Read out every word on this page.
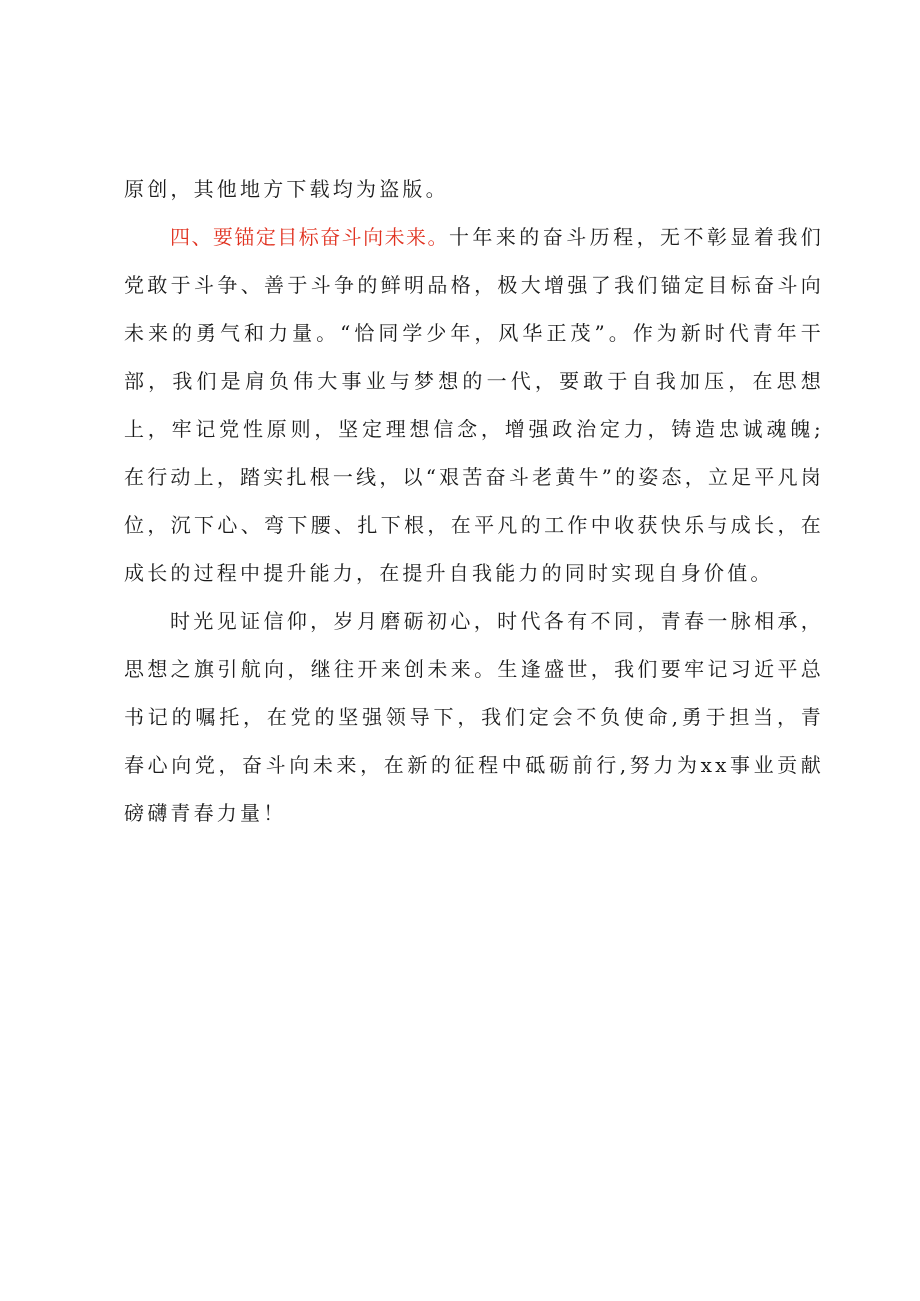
原创，其他地方下载均为盗版。

四、要锚定目标奋斗向未来。十年来的奋斗历程，无不彰显着我们党敢于斗争、善于斗争的鲜明品格，极大增强了我们锚定目标奋斗向未来的勇气和力量。“恰同学少年，风华正茂”。作为新时代青年干部，我们是肩负伟大事业与梦想的一代，要敢于自我加压，在思想上，牢记党性原则，坚定理想信念，增强政治定力，铸造忠诚魂魄;在行动上，踏实扎根一线，以“艰苦奋斗老黄牛”的姿态，立足平凡岗位，沉下心、弯下腰、扎下根，在平凡的工作中收获快乐与成长，在成长的过程中提升能力，在提升自我能力的同时实现自身价值。

时光见证信仰，岁月磨砺初心，时代各有不同，青春一脉相承，思想之旗引航向，继往开来创未来。生逢盛世，我们要牢记习近平总书记的嘱托，在党的坚强领导下，我们定会不负使命,勇于担当，青春心向党，奋斗向未来，在新的征程中砥砺前行,努力为xx事业贡献磅礴青春力量！
